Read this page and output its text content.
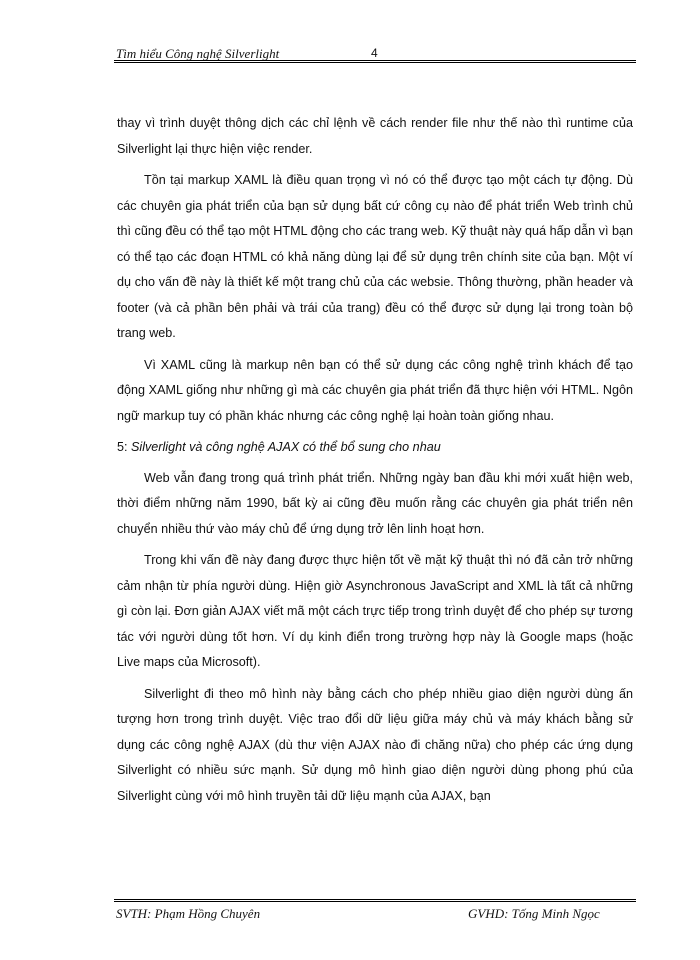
Tìm hiểu Công nghệ Silverlight	4

thay vì trình duyệt thông dịch các chỉ lệnh về cách render file như thế nào thì runtime của Silverlight lại thực hiện việc render.

Tồn tại markup XAML là điều quan trọng vì nó có thể được tạo một cách tự động. Dù các chuyên gia phát triển của bạn sử dụng bất cứ công cụ nào để phát triển Web trình chủ thì cũng đều có thể tạo một HTML động cho các trang web. Kỹ thuật này quá hấp dẫn vì bạn có thể tạo các đoạn HTML có khả năng dùng lại để sử dụng trên chính site của bạn. Một ví dụ cho vấn đề này là thiết kế một trang chủ của các websie. Thông thường, phần header và footer (và cả phần bên phải và trái của trang) đều có thể được sử dụng lại trong toàn bộ trang web.

Vì XAML cũng là markup nên bạn có thể sử dụng các công nghệ trình khách để tạo động XAML giống như những gì mà các chuyên gia phát triển đã thực hiện với HTML. Ngôn ngữ markup tuy có phần khác nhưng các công nghệ lại hoàn toàn giống nhau.

5: Silverlight và công nghệ AJAX có thể bổ sung cho nhau

Web vẫn đang trong quá trình phát triển. Những ngày ban đầu khi mới xuất hiện web, thời điểm những năm 1990, bất kỳ ai cũng đều muốn rằng các chuyên gia phát triển nên chuyển nhiều thứ vào máy chủ để ứng dụng trở lên linh hoạt hơn.

Trong khi vấn đề này đang được thực hiện tốt về mặt kỹ thuật thì nó đã cản trở những cảm nhận từ phía người dùng. Hiện giờ Asynchronous JavaScript and XML là tất cả những gì còn lại. Đơn giản AJAX viết mã một cách trực tiếp trong trình duyệt để cho phép sự tương tác với người dùng tốt hơn. Ví dụ kinh điển trong trường hợp này là Google maps (hoặc Live maps của Microsoft).

Silverlight đi theo mô hình này bằng cách cho phép nhiều giao diện người dùng ấn tượng hơn trong trình duyệt. Việc trao đổi dữ liệu giữa máy chủ và máy khách bằng sử dụng các công nghệ AJAX (dù thư viện AJAX nào đi chăng nữa) cho phép các ứng dụng Silverlight có nhiều sức mạnh. Sử dụng mô hình giao diện người dùng phong phú của Silverlight cùng với mô hình truyền tải dữ liệu mạnh của AJAX, bạn

SVTH: Phạm Hồng Chuyên	GVHD: Tống Minh Ngọc
